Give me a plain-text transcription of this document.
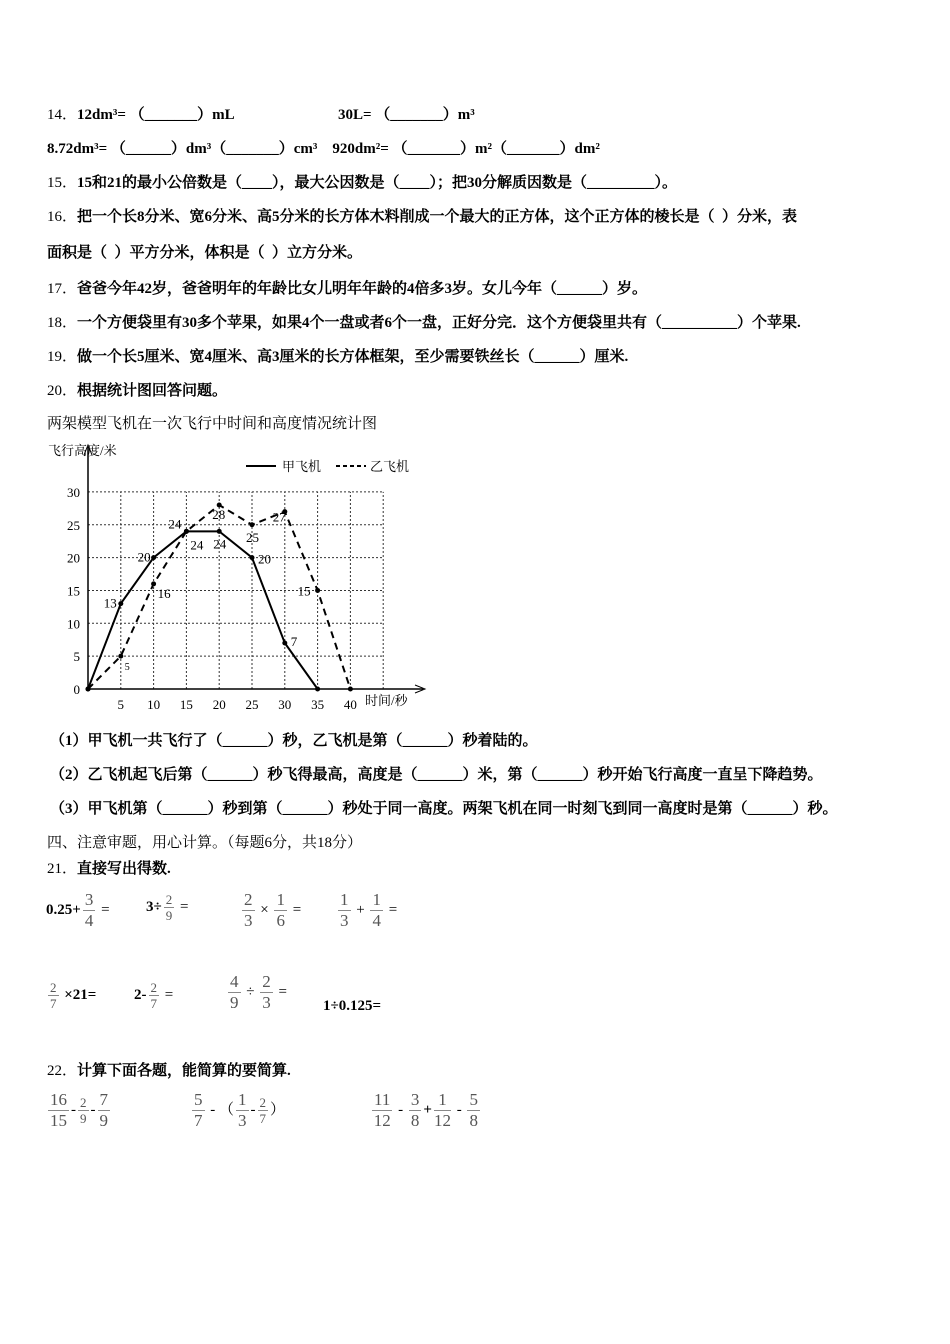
14．12dm³= （_______）mL	30L= （_______）m³
8.72dm³= （______）dm³（_______）cm³    920dm²= （_______）m²（_______）dm²
15．15和21的最小公倍数是（____），最大公因数是（____）；把30分解质因数是（_________）。
16．把一个长8分米、宽6分米、高5分米的长方体木料削成一个最大的正方体，这个正方体的棱长是（  ）分米，表
面积是（  ）平方分米，体积是（  ）立方分米。
17．爸爸今年42岁，爸爸明年的年龄比女儿明年年龄的4倍多3岁。女儿今年（______）岁。
18．一个方便袋里有30多个苹果，如果4个一盘或者6个一盘，正好分完．这个方便袋里共有（__________）个苹果.
19．做一个长5厘米、宽4厘米、高3厘米的长方体框架，至少需要铁丝长（______）厘米.
20．根据统计图回答问题。
两架模型飞机在一次飞行中时间和高度情况统计图
0
5
10
15
20
25
30
5 10 15 20 25 30 35 40
飞行高度/米
时间/秒
甲飞机	乙飞机
13
20
24
24
20
7
5
16
24
28
25
27
15
（1）甲飞机一共飞行了（______）秒，乙飞机是第（______）秒着陆的。
（2）乙飞机起飞后第（______）秒飞得最高，高度是（______）米，第（______）秒开始飞行高度一直呈下降趋势。
（3）甲飞机第（______）秒到第（______）秒处于同一高度。两架飞机在同一时刻飞到同一高度时是第（______）秒。
四、注意审题，用心计算。（每题6分，共18分）
21．直接写出得数.
$0.25+ \frac{3}{4} = 3\div \frac{2}{9}$ =	$\frac{2}{3} \times \frac{1}{6} = \frac{1}{3} + \frac{1}{4}$ =
$\frac{2}{7} \times 21=$	$2- \frac{2}{7}$ =	$\frac{4}{9} \div \frac{2}{3}$ =
1÷0.125=
22．计算下面各题，能简算的要简算.
$\frac{16}{15} - \frac{2}{9} - \frac{7}{9}$	$\frac{5}{7}$ - （ $\frac{1}{3} - \frac{2}{7}$ ）	$\frac{11}{12} - \frac{3}{8} + \frac{1}{12} - \frac{5}{8}$
